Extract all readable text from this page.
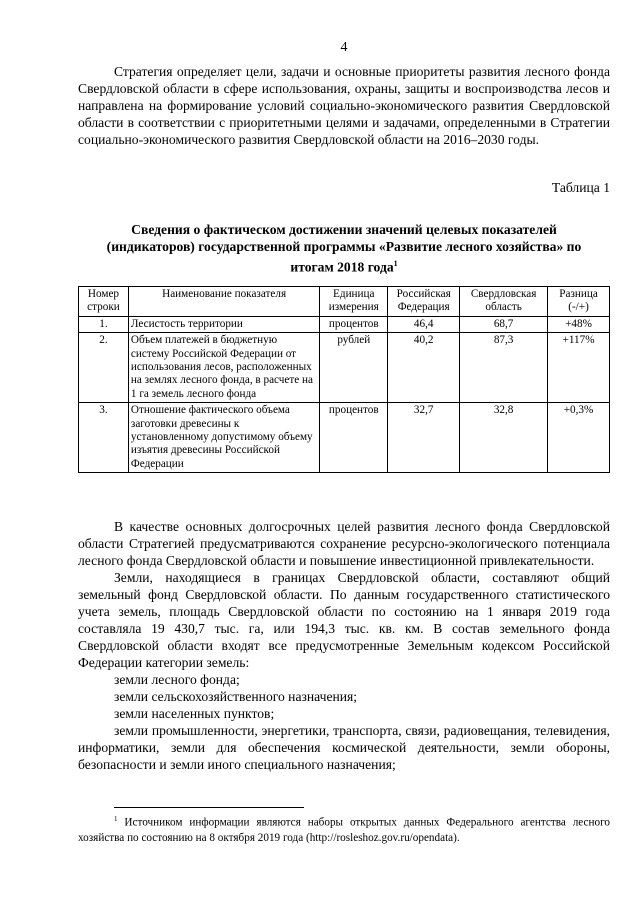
4

Стратегия определяет цели, задачи и основные приоритеты развития лесного фонда Свердловской области в сфере использования, охраны, защиты и воспроизводства лесов и направлена на формирование условий социально-экономического развития Свердловской области в соответствии с приоритетными целями и задачами, определенными в Стратегии социально-экономического развития Свердловской области на 2016–2030 годы.

Таблица 1
Сведения о фактическом достижении значений целевых показателей (индикаторов) государственной программы «Развитие лесного хозяйства» по итогам 2018 года$^1$
Номер строки	Наименование показателя	Единица измерения	Российская Федерация	Свердловская область	Разница (-/+)
1.	Лесистость территории	процентов	46,4	68,7	+48%
2.	Объем платежей в бюджетную систему Российской Федерации от использования лесов, расположенных на землях лесного фонда, в расчете на 1 га земель лесного фонда	рублей	40,2	87,3	+117%
3.	Отношение фактического объема заготовки древесины к установленному допустимому объему изъятия древесины Российской Федерации	процентов	32,7	32,8	+0,3%

В качестве основных долгосрочных целей развития лесного фонда Свердловской области Стратегией предусматриваются сохранение ресурсно-экологического потенциала лесного фонда Свердловской области и повышение инвестиционной привлекательности.

Земли, находящиеся в границах Свердловской области, составляют общий земельный фонд Свердловской области. По данным государственного статистического учета земель, площадь Свердловской области по состоянию на 1 января 2019 года составляла 19 430,7 тыс. га, или 194,3 тыс. кв. км. В состав земельного фонда Свердловской области входят все предусмотренные Земельным кодексом Российской Федерации категории земель:

земли лесного фонда;

земли сельскохозяйственного назначения;

земли населенных пунктов;

земли промышленности, энергетики, транспорта, связи, радиовещания, телевидения, информатики, земли для обеспечения космической деятельности, земли обороны, безопасности и земли иного специального назначения;

$^1$ Источником информации являются наборы открытых данных Федерального агентства лесного хозяйства по состоянию на 8 октября 2019 года (http://rosleshoz.gov.ru/opendata).
